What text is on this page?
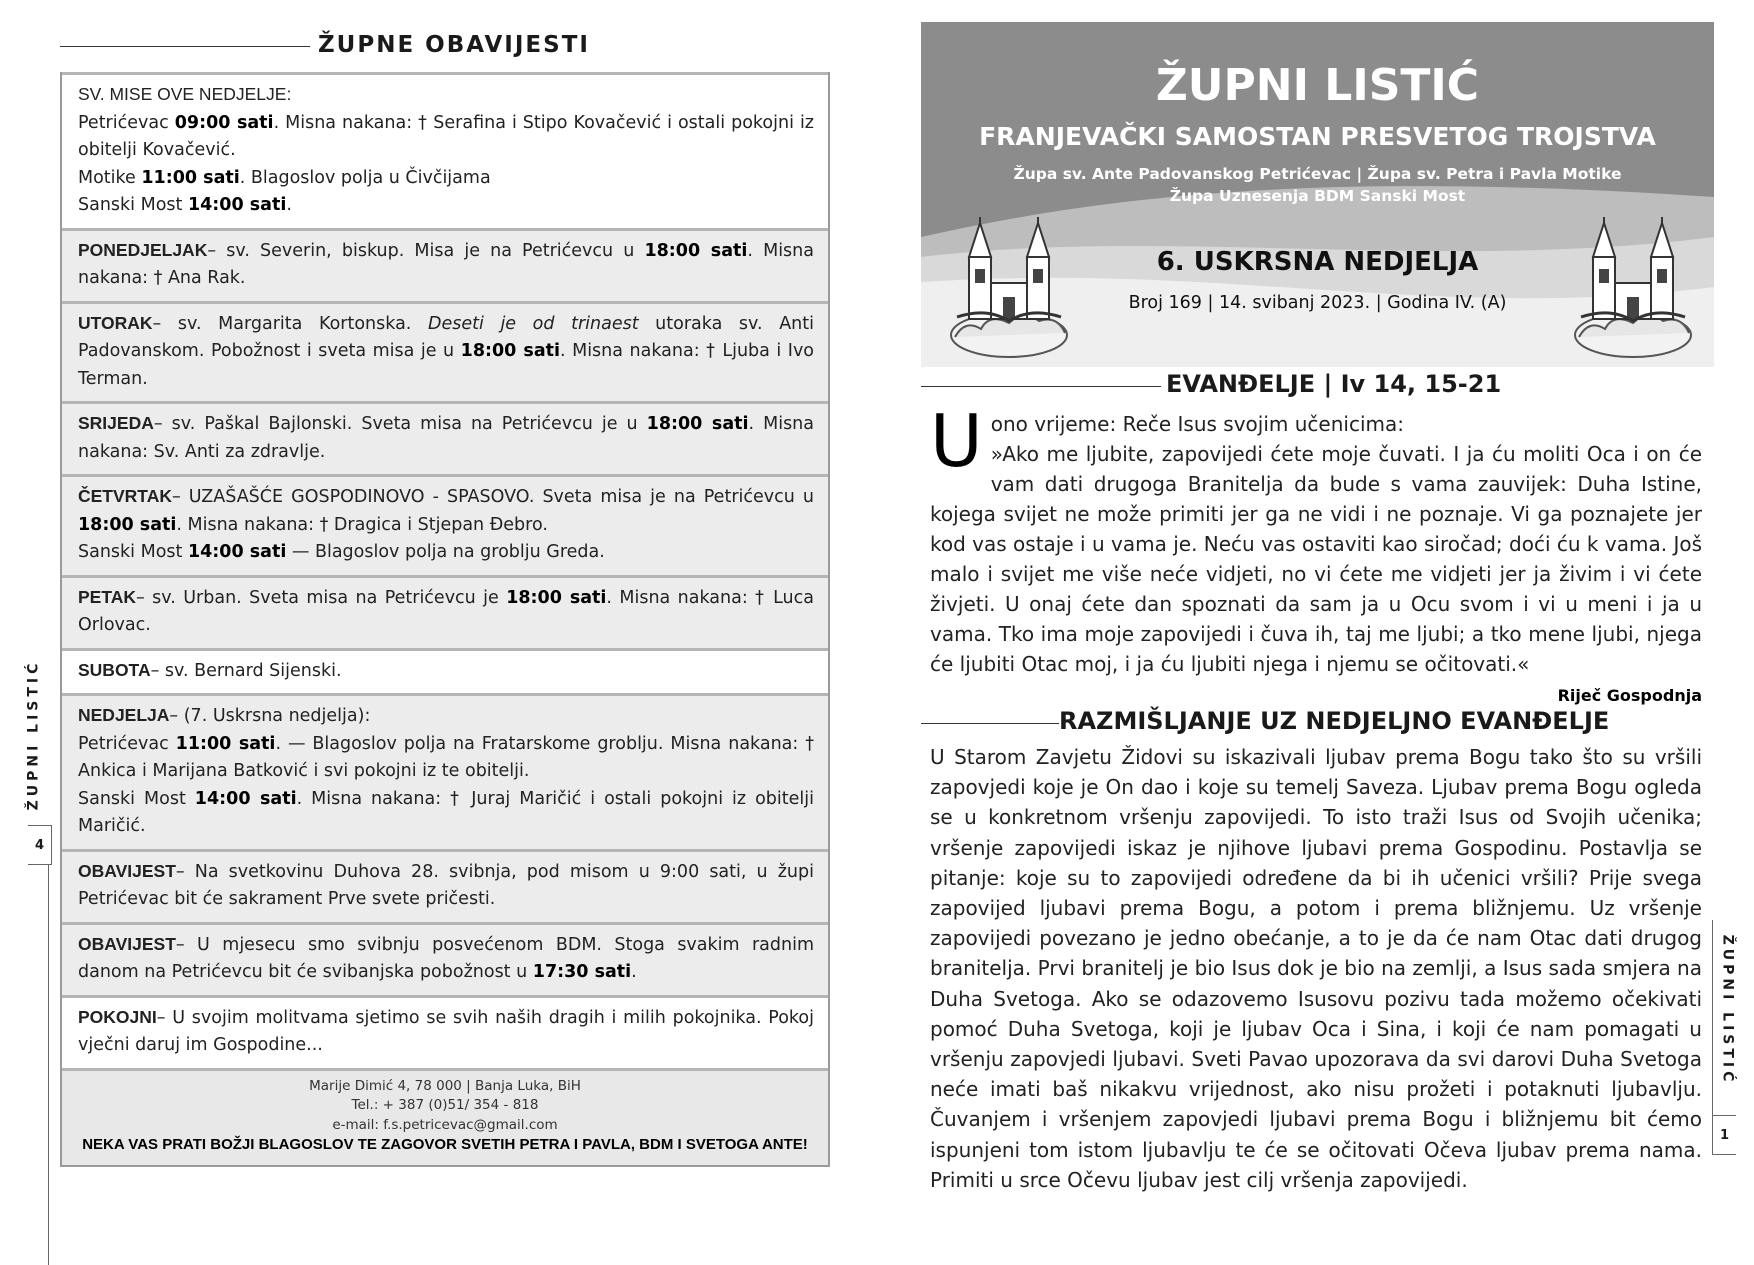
ŽUPNE OBAVIJESTI
SV. MISE OVE NEDJELJE:
Petrićevac 09:00 sati. Misna nakana: † Serafina i Stipo Kovačević i ostali pokojni iz obitelji Kovačević.
Motike 11:00 sati. Blagoslov polja u Čivčijama
Sanski Most 14:00 sati.
PONEDJELJAK– sv. Severin, biskup. Misa je na Petrićevcu u 18:00 sati. Misna nakana: † Ana Rak.
UTORAK– sv. Margarita Kortonska. Deseti je od trinaest utoraka sv. Anti Padovanskom. Pobožnost i sveta misa je u 18:00 sati. Misna nakana: † Ljuba i Ivo Terman.
SRIJEDA– sv. Paškal Bajlonski. Sveta misa na Petrićevcu je u 18:00 sati. Misna nakana: Sv. Anti za zdravlje.
ČETVRTAK– UZAŠAŠĆE GOSPODINOVO - SPASOVO. Sveta misa je na Petrićevcu u 18:00 sati. Misna nakana: † Dragica i Stjepan Đebro.
Sanski Most 14:00 sati — Blagoslov polja na groblju Greda.
PETAK– sv. Urban. Sveta misa na Petrićevcu je 18:00 sati. Misna nakana: † Luca Orlovac.
SUBOTA– sv. Bernard Sijenski.
NEDJELJA– (7. Uskrsna nedjelja):
Petrićevac 11:00 sati. — Blagoslov polja na Fratarskome groblju. Misna nakana: † Ankica i Marijana Batković i svi pokojni iz te obitelji.
Sanski Most 14:00 sati. Misna nakana: † Juraj Maričić i ostali pokojni iz obitelji Maričić.
OBAVIJEST– Na svetkovinu Duhova 28. svibnja, pod misom u 9:00 sati, u župi Petrićevac bit će sakrament Prve svete pričesti.
OBAVIJEST– U mjesecu smo svibnju posvećenom BDM. Stoga svakim radnim danom na Petrićevcu bit će svibanjska pobožnost u 17:30 sati.
POKOJNI– U svojim molitvama sjetimo se svih naših dragih i milih pokojnika. Pokoj vječni daruj im Gospodine...
Marije Dimić 4, 78 000 | Banja Luka, BiH
Tel.: + 387 (0)51/ 354 - 818
e-mail: f.s.petricevac@gmail.com
NEKA VAS PRATI BOŽJI BLAGOSLOV TE ZAGOVOR SVETIH PETRA I PAVLA, BDM I SVETOGA ANTE!
ŽUPNI LISTIĆ
4
ŽUPNI LISTIĆ
FRANJEVAČKI SAMOSTAN PRESVETOG TROJSTVA
Župa sv. Ante Padovanskog Petrićevac | Župa sv. Petra i Pavla Motike
Župa Uznesenja BDM Sanski Most
6. USKRSNA NEDJELJA
Broj 169 | 14. svibanj 2023. | Godina IV. (A)
EVANĐELJE | Iv 14, 15-21
U ono vrijeme: Reče Isus svojim učenicima:
»Ako me ljubite, zapovijedi ćete moje čuvati. I ja ću moliti Oca i on će vam dati drugoga Branitelja da bude s vama zauvijek: Duha Istine, kojega svijet ne može primiti jer ga ne vidi i ne poznaje. Vi ga poznajete jer kod vas ostaje i u vama je. Neću vas ostaviti kao siročad; doći ću k vama. Još malo i svijet me više neće vidjeti, no vi ćete me vidjeti jer ja živim i vi ćete živjeti. U onaj ćete dan spoznati da sam ja u Ocu svom i vi u meni i ja u vama. Tko ima moje zapovijedi i čuva ih, taj me ljubi; a tko mene ljubi, njega će ljubiti Otac moj, i ja ću ljubiti njega i njemu se očitovati.«
Riječ Gospodnja
RAZMIŠLJANJE UZ NEDJELJNO EVANĐELJE
U Starom Zavjetu Židovi su iskazivali ljubav prema Bogu tako što su vršili zapovjedi koje je On dao i koje su temelj Saveza. Ljubav prema Bogu ogleda se u konkretnom vršenju zapovijedi. To isto traži Isus od Svojih učenika; vršenje zapovijedi iskaz je njihove ljubavi prema Gospodinu. Postavlja se pitanje: koje su to zapovijedi određene da bi ih učenici vršili? Prije svega zapovijed ljubavi prema Bogu, a potom i prema bližnjemu. Uz vršenje zapovijedi povezano je jedno obećanje, a to je da će nam Otac dati drugog branitelja. Prvi branitelj je bio Isus dok je bio na zemlji, a Isus sada smjera na Duha Svetoga. Ako se odazovemo Isusovu pozivu tada možemo očekivati pomoć Duha Svetoga, koji je ljubav Oca i Sina, i koji će nam pomagati u vršenju zapovjedi ljubavi. Sveti Pavao upozorava da svi darovi Duha Svetoga neće imati baš nikakvu vrijednost, ako nisu prožeti i potaknuti ljubavlju. Čuvanjem i vršenjem zapovjedi ljubavi prema Bogu i bližnjemu bit ćemo ispunjeni tom istom ljubavlju te će se očitovati Očeva ljubav prema nama. Primiti u srce Očevu ljubav jest cilj vršenja zapovijedi.
ŽUPNI LISTIĆ
1
